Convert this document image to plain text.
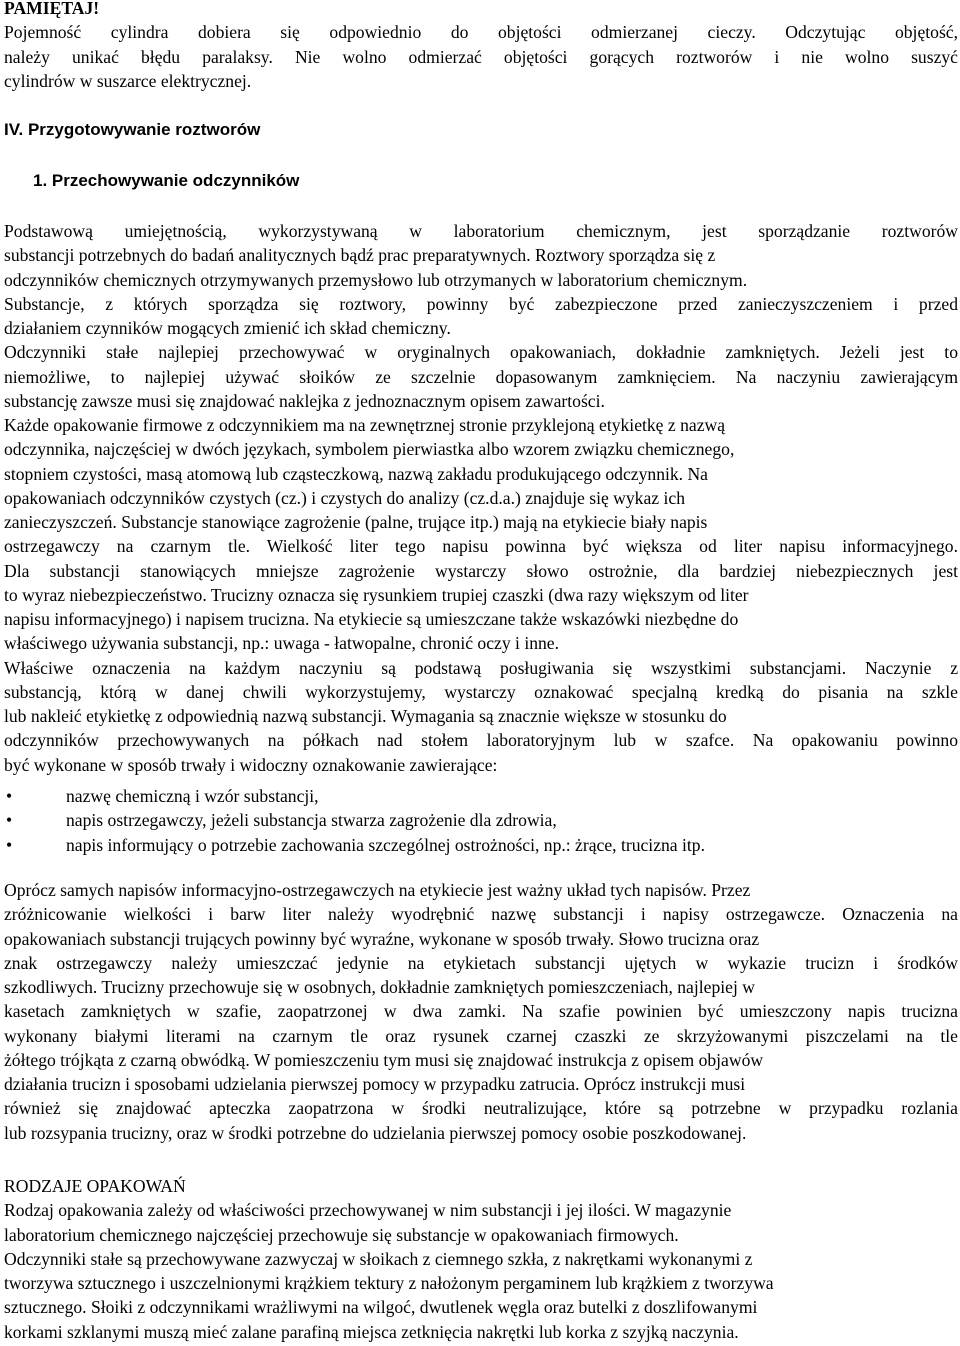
PAMIĘTAJ!
Pojemność cylindra dobiera się odpowiednio do objętości odmierzanej cieczy. Odczytując objętość,
należy unikać błędu paralaksy. Nie wolno odmierzać objętości gorących roztworów i nie wolno suszyć
cylindrów w suszarce elektrycznej.
IV. Przygotowywanie roztworów
1. Przechowywanie odczynników
Podstawową umiejętnością, wykorzystywaną w laboratorium chemicznym, jest sporządzanie roztworów
substancji potrzebnych do badań analitycznych bądź prac preparatywnych. Roztwory sporządza się z
odczynników chemicznych otrzymywanych przemysłowo lub otrzymanych w laboratorium chemicznym.
Substancje, z których sporządza się roztwory, powinny być zabezpieczone przed zanieczyszczeniem i przed
działaniem czynników mogących zmienić ich skład chemiczny.
Odczynniki stałe najlepiej przechowywać w oryginalnych opakowaniach, dokładnie zamkniętych. Jeżeli jest to
niemożliwe, to najlepiej używać słoików ze szczelnie dopasowanym zamknięciem. Na naczyniu zawierającym
substancję zawsze musi się znajdować naklejka z jednoznacznym opisem zawartości.
Każde opakowanie firmowe z odczynnikiem ma na zewnętrznej stronie przyklejoną etykietkę z nazwą
odczynnika, najczęściej w dwóch językach, symbolem pierwiastka albo wzorem związku chemicznego,
stopniem czystości, masą atomową lub cząsteczkową, nazwą zakładu produkującego odczynnik. Na
opakowaniach odczynników czystych (cz.) i czystych do analizy (cz.d.a.) znajduje się wykaz ich
zanieczyszczeń. Substancje stanowiące zagrożenie (palne, trujące itp.) mają na etykiecie biały napis
ostrzegawczy na czarnym tle. Wielkość liter tego napisu powinna być większa od liter napisu informacyjnego.
Dla substancji stanowiących mniejsze zagrożenie wystarczy słowo ostrożnie, dla bardziej niebezpiecznych jest
to wyraz niebezpieczeństwo. Trucizny oznacza się rysunkiem trupiej czaszki (dwa razy większym od liter
napisu informacyjnego) i napisem trucizna. Na etykiecie są umieszczane także wskazówki niezbędne do
właściwego używania substancji, np.: uwaga - łatwopalne, chronić oczy i inne.
Właściwe oznaczenia na każdym naczyniu są podstawą posługiwania się wszystkimi substancjami. Naczynie z
substancją, którą w danej chwili wykorzystujemy, wystarczy oznakować specjalną kredką do pisania na szkle
lub nakleić etykietkę z odpowiednią nazwą substancji. Wymagania są znacznie większe w stosunku do
odczynników przechowywanych na półkach nad stołem laboratoryjnym lub w szafce. Na opakowaniu powinno
być wykonane w sposób trwały i widoczny oznakowanie zawierające:
•	nazwę chemiczną i wzór substancji,
•	napis ostrzegawczy, jeżeli substancja stwarza zagrożenie dla zdrowia,
•	napis informujący o potrzebie zachowania szczególnej ostrożności, np.: żrące, trucizna itp.
Oprócz samych napisów informacyjno-ostrzegawczych na etykiecie jest ważny układ tych napisów. Przez
zróżnicowanie wielkości i barw liter należy wyodrębnić nazwę substancji i napisy ostrzegawcze. Oznaczenia na
opakowaniach substancji trujących powinny być wyraźne, wykonane w sposób trwały. Słowo trucizna oraz
znak ostrzegawczy należy umieszczać jedynie na etykietach substancji ujętych w wykazie trucizn i środków
szkodliwych. Trucizny przechowuje się w osobnych, dokładnie zamkniętych pomieszczeniach, najlepiej w
kasetach zamkniętych w szafie, zaopatrzonej w dwa zamki. Na szafie powinien być umieszczony napis trucizna
wykonany białymi literami na czarnym tle oraz rysunek czarnej czaszki ze skrzyżowanymi piszczelami na tle
żółtego trójkąta z czarną obwódką. W pomieszczeniu tym musi się znajdować instrukcja z opisem objawów
działania trucizn i sposobami udzielania pierwszej pomocy w przypadku zatrucia. Oprócz instrukcji musi
również się znajdować apteczka zaopatrzona w środki neutralizujące, które są potrzebne w przypadku rozlania
lub rozsypania trucizny, oraz w środki potrzebne do udzielania pierwszej pomocy osobie poszkodowanej.
RODZAJE OPAKOWAŃ
Rodzaj opakowania zależy od właściwości przechowywanej w nim substancji i jej ilości. W magazynie
laboratorium chemicznego najczęściej przechowuje się substancje w opakowaniach firmowych.
Odczynniki stałe są przechowywane zazwyczaj w słoikach z ciemnego szkła, z nakrętkami wykonanymi z
tworzywa sztucznego i uszczelnionymi krążkiem tektury z nałożonym pergaminem lub krążkiem z tworzywa
sztucznego. Słoiki z odczynnikami wrażliwymi na wilgoć, dwutlenek węgla oraz butelki z doszlifowanymi
korkami szklanymi muszą mieć zalane parafiną miejsca zetknięcia nakrętki lub korka z szyjką naczynia.
